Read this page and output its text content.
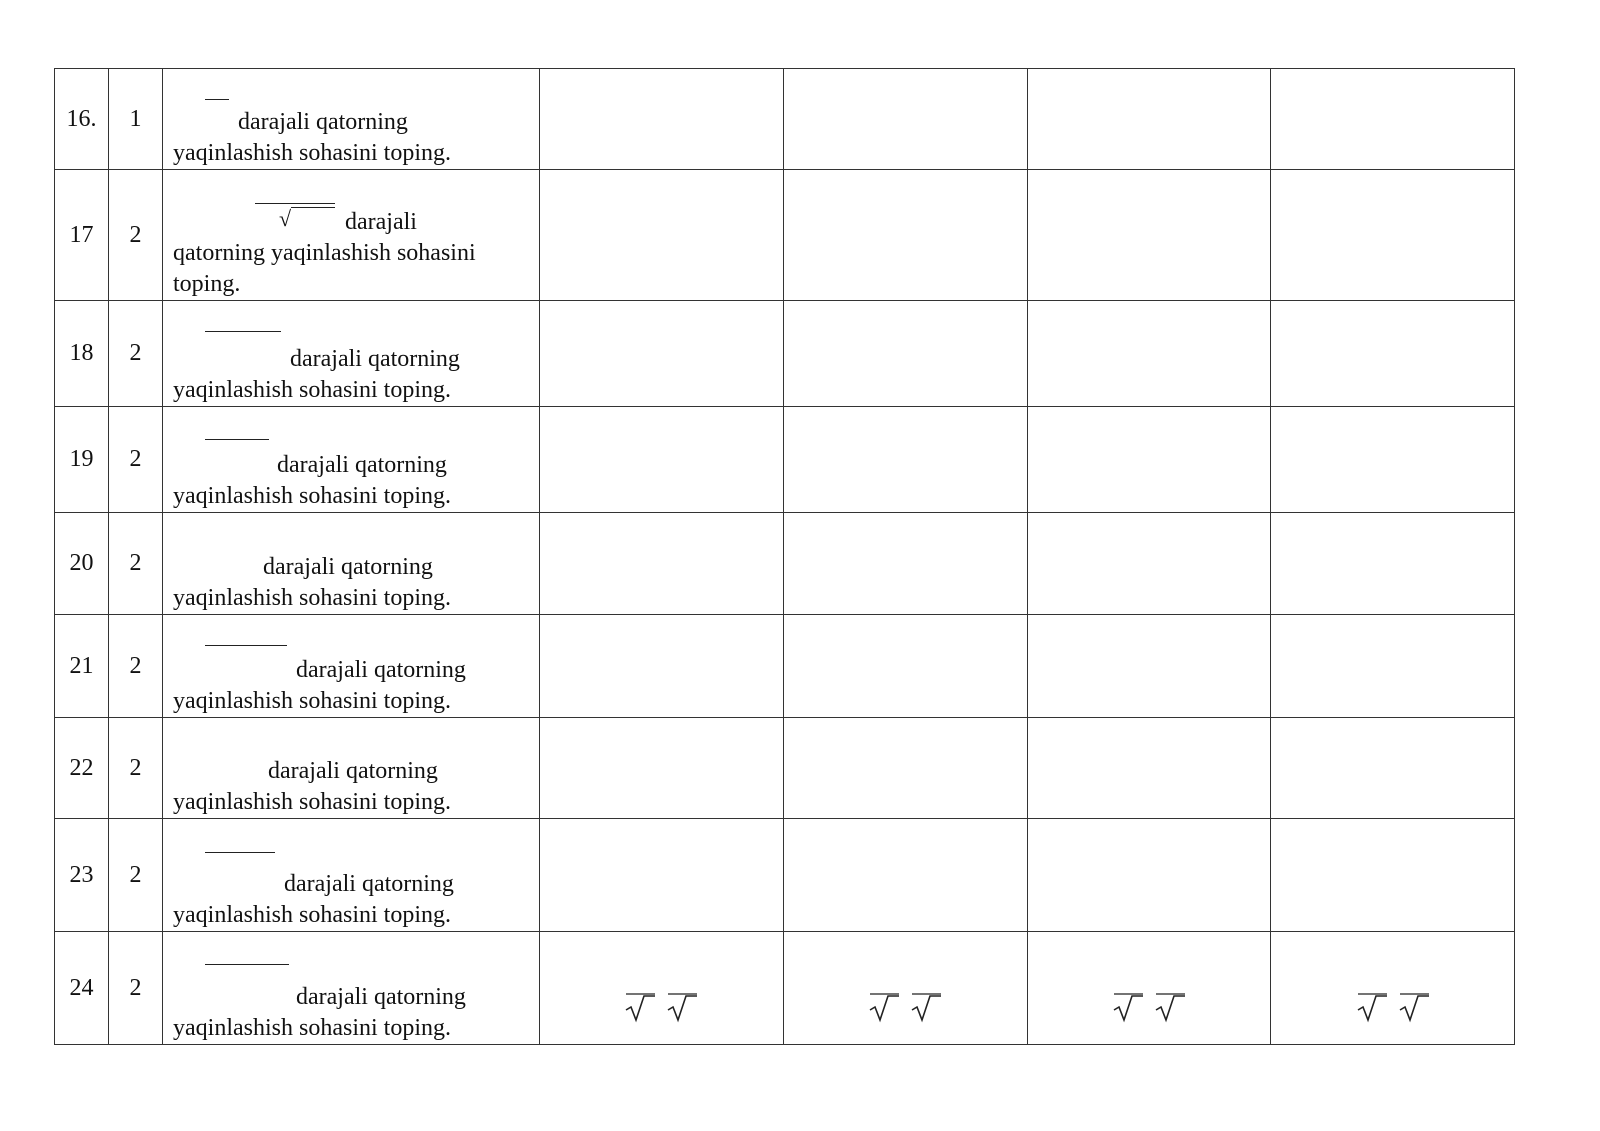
16.	1	darajali qatorning
yaqinlashish sohasini toping.				

17	2	√ darajali
qatorning yaqinlashish sohasini
toping.				

18	2	darajali qatorning
yaqinlashish sohasini toping.				

19	2	darajali qatorning
yaqinlashish sohasini toping.				

20	2	darajali qatorning
yaqinlashish sohasini toping.				

21	2	darajali qatorning
yaqinlashish sohasini toping.				

22	2	darajali qatorning
yaqinlashish sohasini toping.				

23	2	darajali qatorning
yaqinlashish sohasini toping.				

24	2	darajali qatorning
yaqinlashish sohasini toping.
